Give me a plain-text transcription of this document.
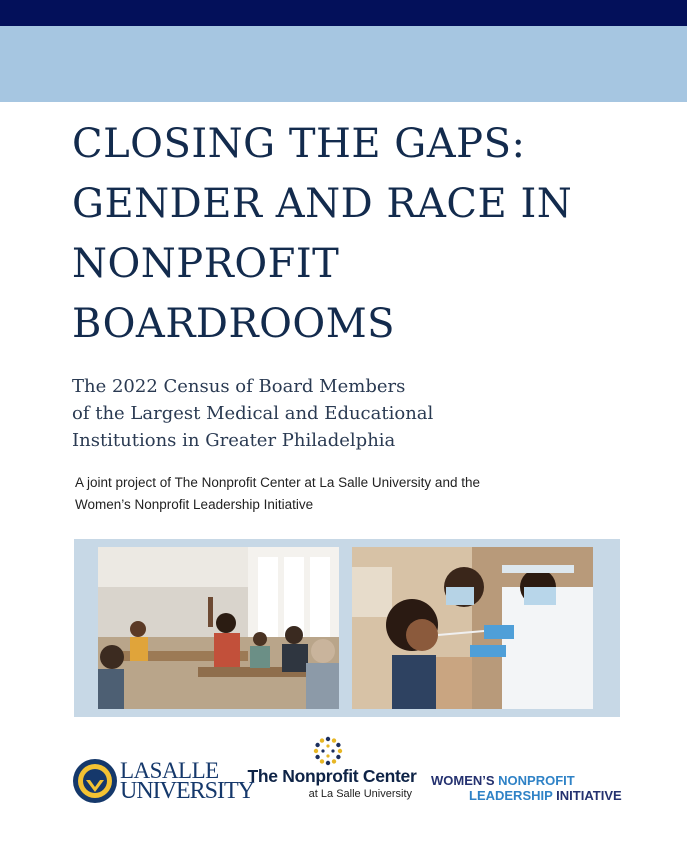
CLOSING THE GAPS:
GENDER AND RACE IN
NONPROFIT
BOARDROOMS
The 2022 Census of Board Members
of the Largest Medical and Educational
Institutions in Greater Philadelphia
A joint project of The Nonprofit Center at La Salle University and the
Women’s Nonprofit Leadership Initiative
LASALLE
UNIVERSITY
The Nonprofit Center
at La Salle University
WOMEN’S NONPROFIT
LEADERSHIP INITIATIVE
